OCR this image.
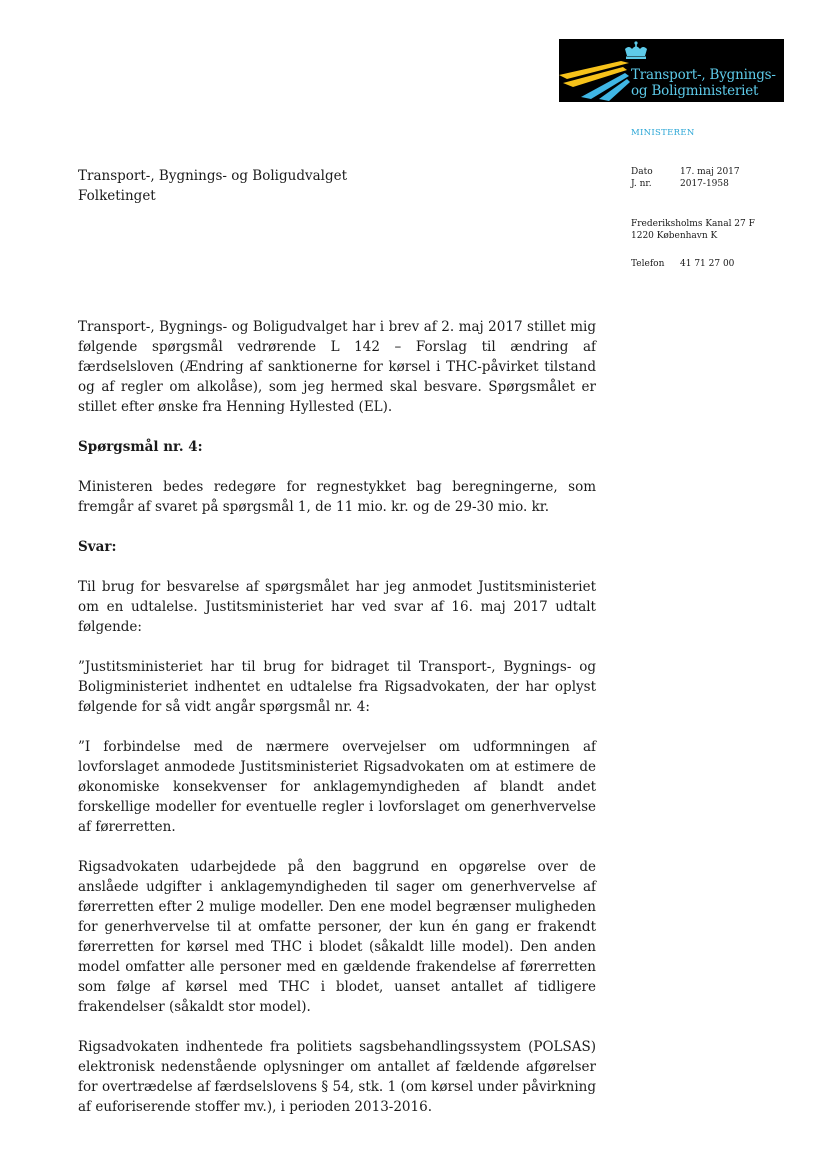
Transport-, Bygnings-
og Boligministeriet
MINISTEREN
Dato	17. maj 2017
J. nr.	2017-1958
Frederiksholms Kanal 27 F
1220 København K
Telefon 41 71 27 00
Transport-, Bygnings- og Boligudvalget
Folketinget

Transport-, Bygnings- og Boligudvalget har i brev af 2. maj 2017 stillet mig følgende spørgsmål vedrørende L 142 – Forslag til ændring af færdselsloven (Ændring af sanktionerne for kørsel i THC-påvirket tilstand og af regler om alkolåse), som jeg hermed skal besvare. Spørgsmålet er stillet efter ønske fra Henning Hyllested (EL).

Spørgsmål nr. 4:

Ministeren bedes redegøre for regnestykket bag beregningerne, som fremgår af svaret på spørgsmål 1, de 11 mio. kr. og de 29-30 mio. kr.

Svar:

Til brug for besvarelse af spørgsmålet har jeg anmodet Justitsministeriet om en udtalelse. Justitsministeriet har ved svar af 16. maj 2017 udtalt følgende:

”Justitsministeriet har til brug for bidraget til Transport-, Bygnings- og Boligministeriet indhentet en udtalelse fra Rigsadvokaten, der har oplyst følgende for så vidt angår spørgsmål nr. 4:

”I forbindelse med de nærmere overvejelser om udformningen af lovforslaget anmodede Justitsministeriet Rigsadvokaten om at estimere de økonomiske konsekvenser for anklagemyndigheden af blandt andet forskellige modeller for eventuelle regler i lovforslaget om generhvervelse af førerretten.

Rigsadvokaten udarbejdede på den baggrund en opgørelse over de anslåede udgifter i anklagemyndigheden til sager om generhvervelse af førerretten efter 2 mulige modeller. Den ene model begrænser muligheden for generhvervelse til at omfatte personer, der kun én gang er frakendt førerretten for kørsel med THC i blodet (såkaldt lille model). Den anden model omfatter alle personer med en gældende frakendelse af førerretten som følge af kørsel med THC i blodet, uanset antallet af tidligere frakendelser (såkaldt stor model).

Rigsadvokaten indhentede fra politiets sagsbehandlingssystem (POLSAS) elektronisk nedenstående oplysninger om antallet af fældende afgørelser for overtrædelse af færdselslovens § 54, stk. 1 (om kørsel under påvirkning af euforiserende stoffer mv.), i perioden 2013-2016.
